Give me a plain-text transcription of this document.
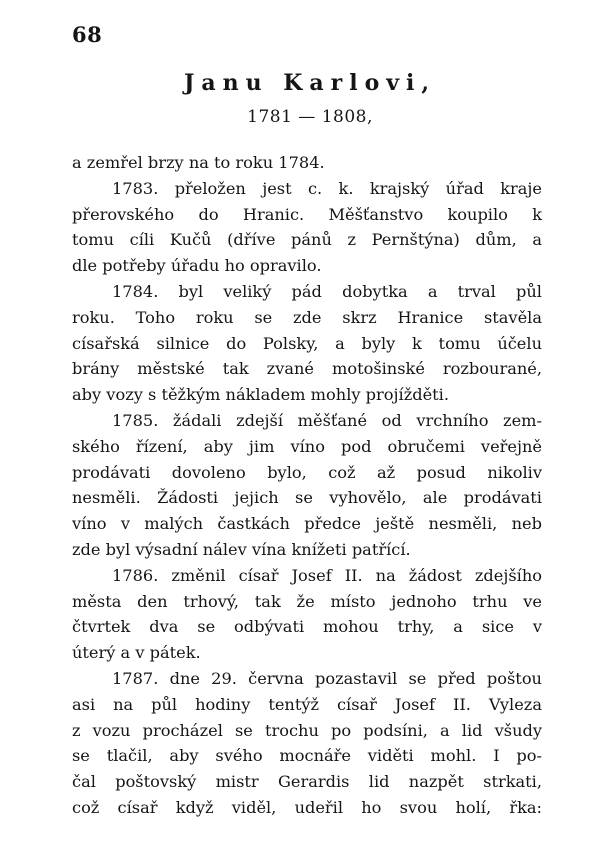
68
Janu Karlovi,
1781 — 1808,
a zemřel brzy na to roku 1784.
1783. přeložen jest c. k. krajský úřad kraje
přerovského do Hranic. Měšťanstvo koupilo k
tomu cíli Kučů (dříve pánů z Pernštýna) dům, a
dle potřeby úřadu ho opravilo.
1784. byl veliký pád dobytka a trval půl
roku. Toho roku se zde skrz Hranice stavěla
císařská silnice do Polsky, a byly k tomu účelu
brány městské tak zvané motošinské rozbourané,
aby vozy s těžkým nákladem mohly projížděti.
1785. žádali zdejší měšťané od vrchního zem-
ského řízení, aby jim víno pod obručemi veřejně
prodávati dovoleno bylo, což až posud nikoliv
nesměli. Žádosti jejich se vyhovělo, ale prodávati
víno v malých častkách předce ještě nesměli, neb
zde byl výsadní nálev vína knížeti patřící.
1786. změnil císař Josef II. na žádost zdejšího
města den trhový, tak že místo jednoho trhu ve
čtvrtek dva se odbývati mohou trhy, a sice v
úterý a v pátek.
1787. dne 29. června pozastavil se před poštou
asi na půl hodiny tentýž císař Josef II. Vyleza
z vozu procházel se trochu po podsíni, a lid všudy
se tlačil, aby svého mocnáře viděti mohl. I po-
čal poštovský mistr Gerardis lid nazpět strkati,
což císař když viděl, udeřil ho svou holí, řka:
